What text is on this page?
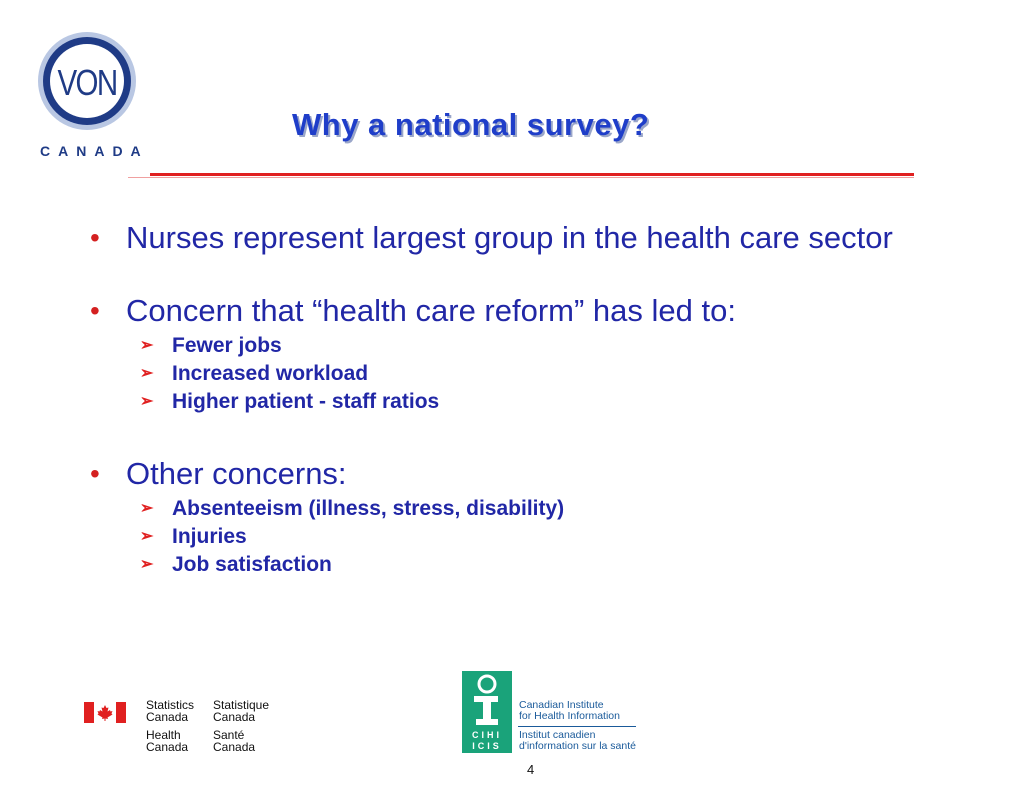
VON
CANADA
Why a national survey?
• Nurses represent largest group in the health care sector
• Concern that “health care reform” has led to:
➢ Fewer jobs
➢ Increased workload
➢ Higher patient - staff ratios
• Other concerns:
➢ Absenteeism (illness, stress, disability)
➢ Injuries
➢ Job satisfaction
Statistics
Canada
Statistique
Canada
Health
Canada
Santé
Canada
CIHI
ICIS
Canadian Institute
for Health Information
Institut canadien
d'information sur la santé
4
